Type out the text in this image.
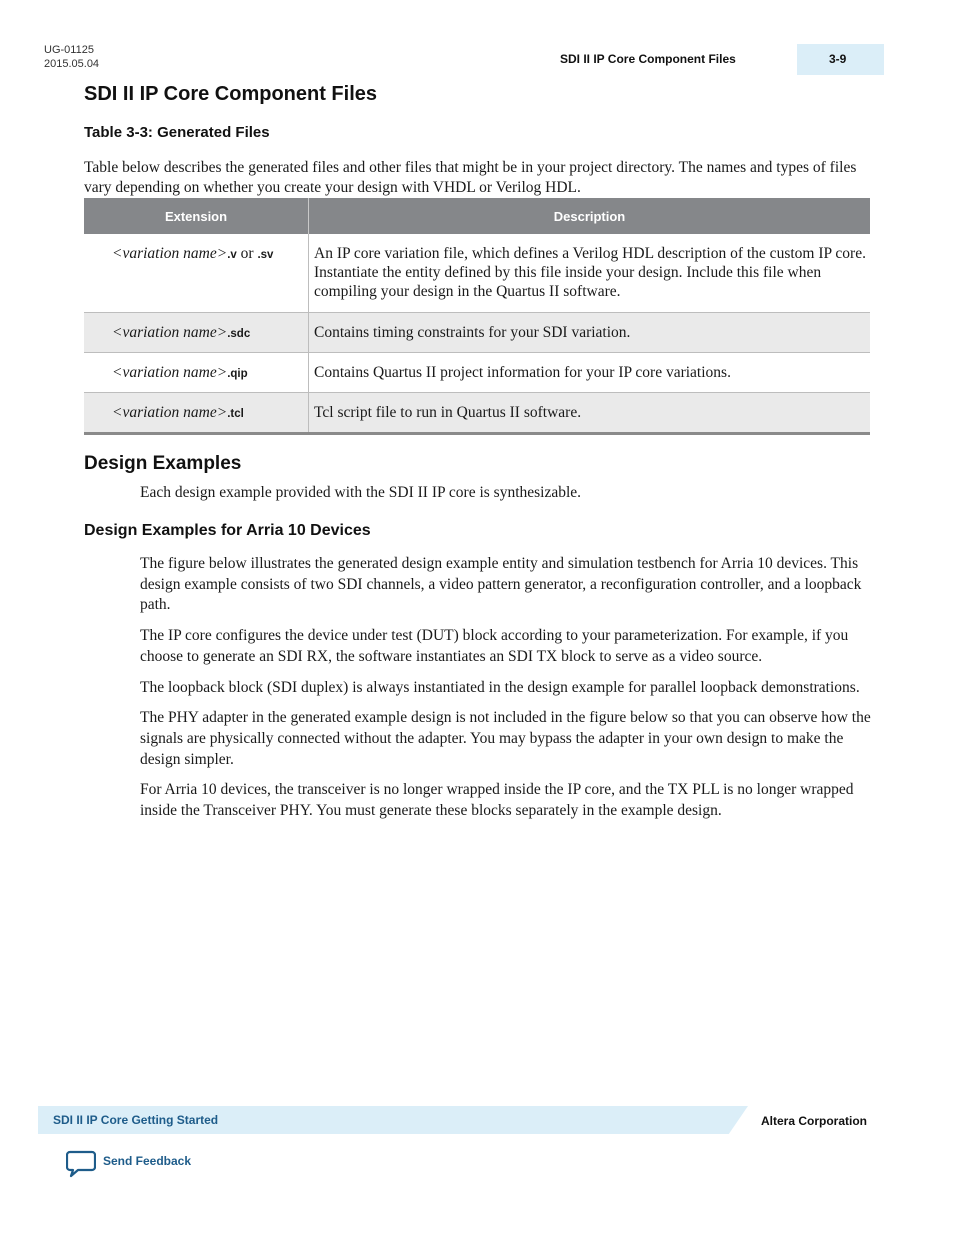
UG-01125
2015.05.04	SDI II IP Core Component Files	3-9
SDI II IP Core Component Files
Table 3-3: Generated Files
Table below describes the generated files and other files that might be in your project directory. The names and types of files vary depending on whether you create your design with VHDL or Verilog HDL.
Extension	Description

<variation name>.v or .sv	An IP core variation file, which defines a Verilog HDL description of the custom IP core. Instantiate the entity defined by this file inside your design. Include this file when compiling your design in the Quartus II software.

<variation name>.sdc	Contains timing constraints for your SDI variation.

<variation name>.qip	Contains Quartus II project information for your IP core variations.

<variation name>.tcl	Tcl script file to run in Quartus II software.
Design Examples
Each design example provided with the SDI II IP core is synthesizable.
Design Examples for Arria 10 Devices

The figure below illustrates the generated design example entity and simulation testbench for Arria 10 devices. This design example consists of two SDI channels, a video pattern generator, a reconfiguration controller, and a loopback path.

The IP core configures the device under test (DUT) block according to your parameterization. For example, if you choose to generate an SDI RX, the software instantiates an SDI TX block to serve as a video source.

The loopback block (SDI duplex) is always instantiated in the design example for parallel loopback demonstrations.

The PHY adapter in the generated example design is not included in the figure below so that you can observe how the signals are physically connected without the adapter. You may bypass the adapter in your own design to make the design simpler.

For Arria 10 devices, the transceiver is no longer wrapped inside the IP core, and the TX PLL is no longer wrapped inside the Transceiver PHY. You must generate these blocks separately in the example design.

SDI II IP Core Getting Started	Altera Corporation
Send Feedback
